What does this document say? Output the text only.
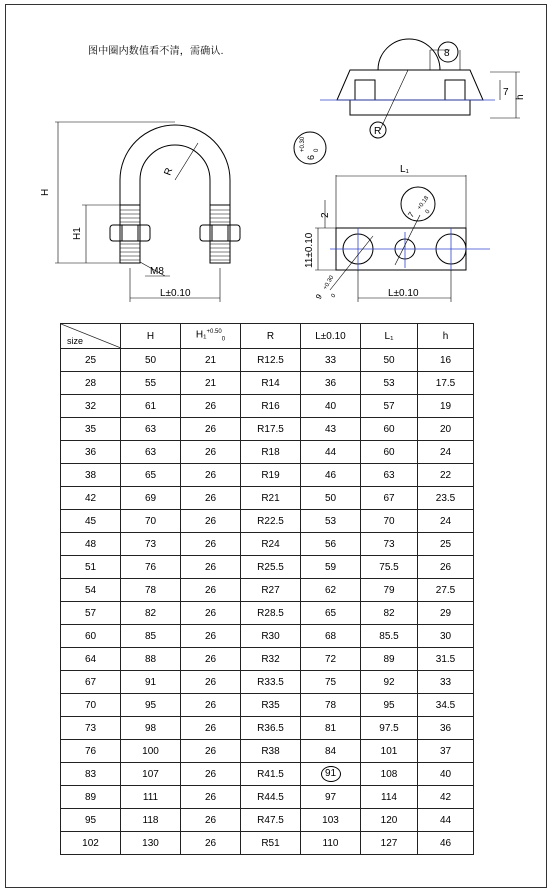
图中圈内数值看不清，需确认.
H
H1
R
M8
L±0.10
8
7 h
R
6
+0.30 0
L₁
2
11±0.10
7
+0.18
0
9
+0.30
0	L±0.10
size	H	H₁$^{+0.50}_0$	R	L±0.10	L₁	h
25	50	21	R12.5	33	50	16
28	55	21	R14	36	53	17.5
32	61	26	R16	40	57	19
35	63	26	R17.5	43	60	20
36	63	26	R18	44	60	24
38	65	26	R19	46	63	22
42	69	26	R21	50	67	23.5
45	70	26	R22.5	53	70	24
48	73	26	R24	56	73	25
51	76	26	R25.5	59	75.5	26
54	78	26	R27	62	79	27.5
57	82	26	R28.5	65	82	29
60	85	26	R30	68	85.5	30
64	88	26	R32	72	89	31.5
67	91	26	R33.5	75	92	33
70	95	26	R35	78	95	34.5
73	98	26	R36.5	81	97.5	36
76	100	26	R38	84	101	37
83	107	26	R41.5	91	108	40
89	111	26	R44.5	97	114	42
95	118	26	R47.5	103	120	44
102	130	26	R51	110	127	46
